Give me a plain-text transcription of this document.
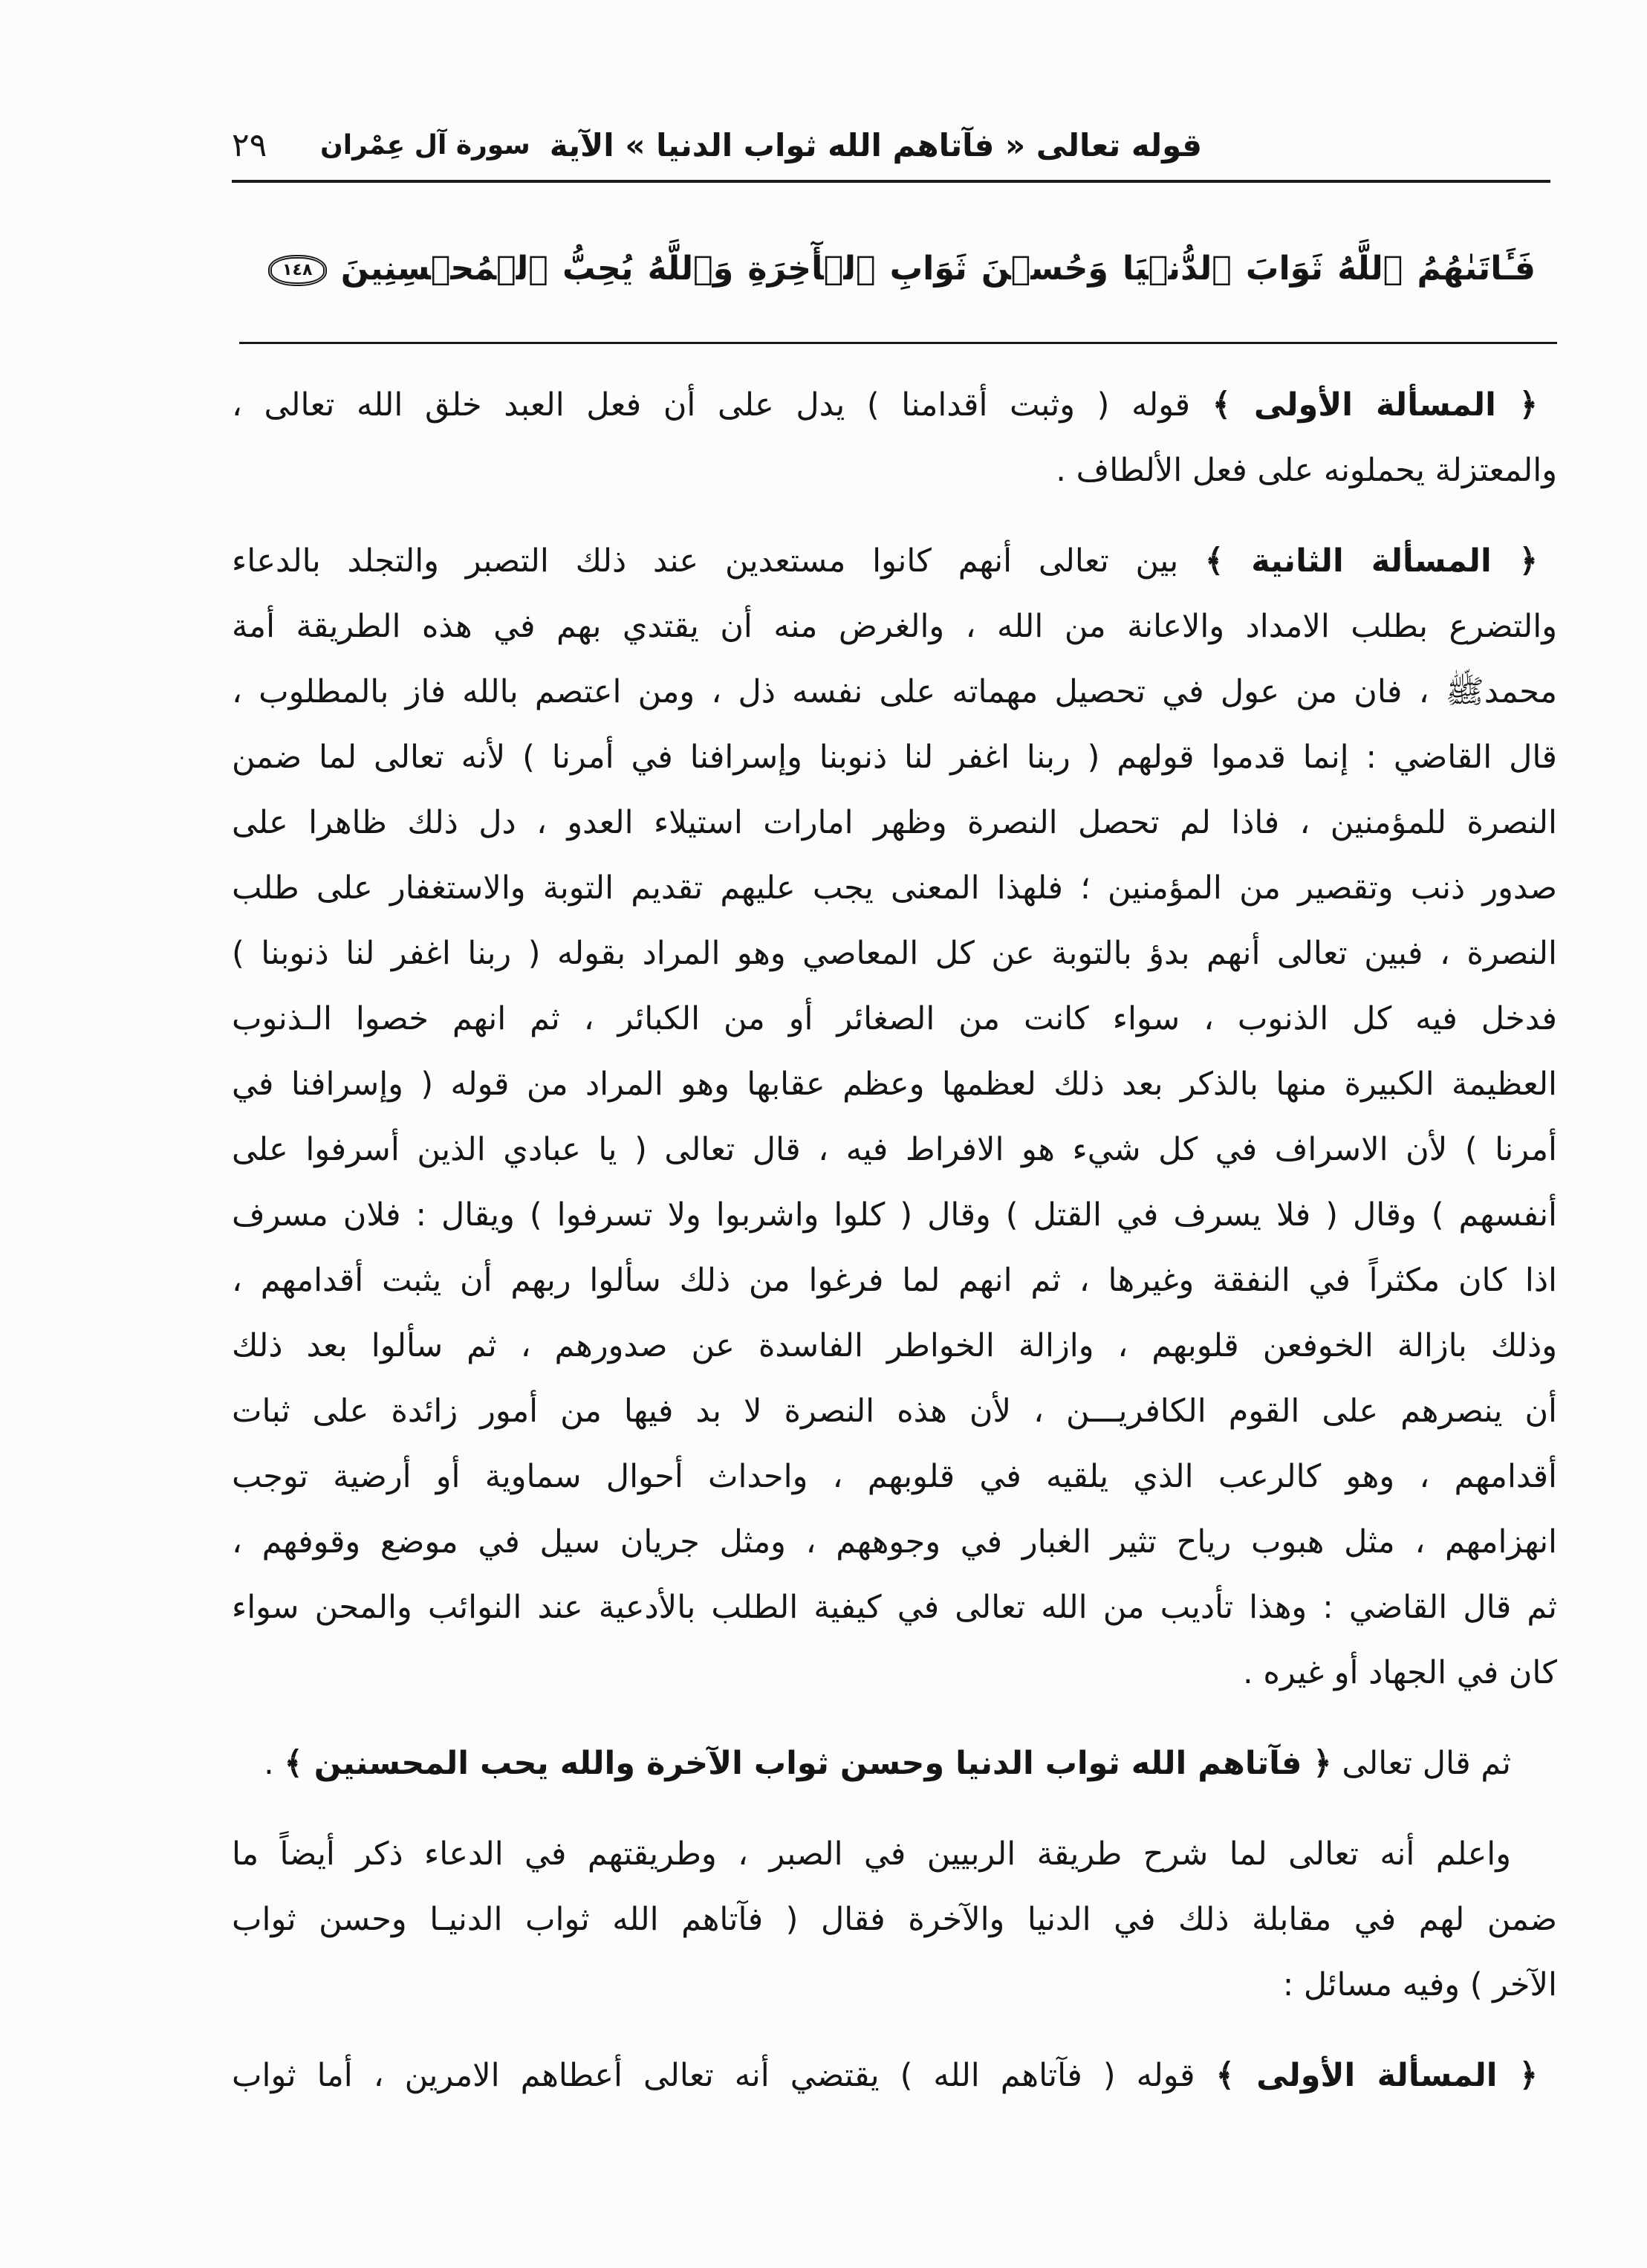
قوله تعالى « فآتاهم الله ثواب الدنيا » الآية
سورة آل عِمْران
٢٩
فَـَٔاتَىٰهُمُ ٱللَّهُ ثَوَابَ ٱلدُّنۡيَا وَحُسۡنَ ثَوَابِ ٱلۡأٓخِرَةِ وَٱللَّهُ يُحِبُّ ٱلۡمُحۡسِنِينَ ١٤٨
﴿ المسألة الأولى ﴾ قوله ( وثبت أقدامنا ) يدل على أن فعل العبد خلق الله تعالى ،
والمعتزلة يحملونه على فعل الألطاف .
﴿ المسألة الثانية ﴾ بين تعالى أنهم كانوا مستعدين عند ذلك التصبر والتجلد بالدعاء
والتضرع بطلب الامداد والاعانة من الله ، والغرض منه أن يقتدي بهم في هذه الطريقة أمة
محمدﷺ ، فان من عول في تحصيل مهماته على نفسه ذل ، ومن اعتصم بالله فاز بالمطلوب ،
قال القاضي : إنما قدموا قولهم ( ربنا اغفر لنا ذنوبنا وإسرافنا في أمرنا ) لأنه تعالى لما ضمن
النصرة للمؤمنين ، فاذا لم تحصل النصرة وظهر امارات استيلاء العدو ، دل ذلك ظاهرا على
صدور ذنب وتقصير من المؤمنين ؛ فلهذا المعنى يجب عليهم تقديم التوبة والاستغفار على طلب
النصرة ، فبين تعالى أنهم بدؤ بالتوبة عن كل المعاصي وهو المراد بقوله ( ربنا اغفر لنا ذنوبنا )
فدخل فيه كل الذنوب ، سواء كانت من الصغائر أو من الكبائر ، ثم انهم خصوا الـذنوب
العظيمة الكبيرة منها بالذكر بعد ذلك لعظمها وعظم عقابها وهو المراد من قوله ( وإسرافنا في
أمرنا ) لأن الاسراف في كل شيء هو الافراط فيه ، قال تعالى ( يا عبادي الذين أسرفوا على
أنفسهم ) وقال ( فلا يسرف في القتل ) وقال ( كلوا واشربوا ولا تسرفوا ) ويقال : فلان مسرف
اذا كان مكثراً في النفقة وغيرها ، ثم انهم لما فرغوا من ذلك سألوا ربهم أن يثبت أقدامهم ،
وذلك بازالة الخوفعن قلوبهم ، وازالة الخواطر الفاسدة عن صدورهم ، ثم سألوا بعد ذلك
أن ينصرهم على القوم الكافريـــن ، لأن هذه النصرة لا بد فيها من أمور زائدة على ثبات
أقدامهم ، وهو كالرعب الذي يلقيه في قلوبهم ، واحداث أحوال سماوية أو أرضية توجب
انهزامهم ، مثل هبوب رياح تثير الغبار في وجوههم ، ومثل جريان سيل في موضع وقوفهم ،
ثم قال القاضي : وهذا تأديب من الله تعالى في كيفية الطلب بالأدعية عند النوائب والمحن سواء
كان في الجهاد أو غيره .
ثم قال تعالى ﴿ فآتاهم الله ثواب الدنيا وحسن ثواب الآخرة والله يحب المحسنين ﴾ .
واعلم أنه تعالى لما شرح طريقة الربيين في الصبر ، وطريقتهم في الدعاء ذكر أيضاً ما
ضمن لهم في مقابلة ذلك في الدنيا والآخرة فقال ( فآتاهم الله ثواب الدنيـا وحسن ثواب
الآخر ) وفيه مسائل :
﴿ المسألة الأولى ﴾ قوله ( فآتاهم الله ) يقتضي أنه تعالى أعطاهم الامرين ، أما ثواب
